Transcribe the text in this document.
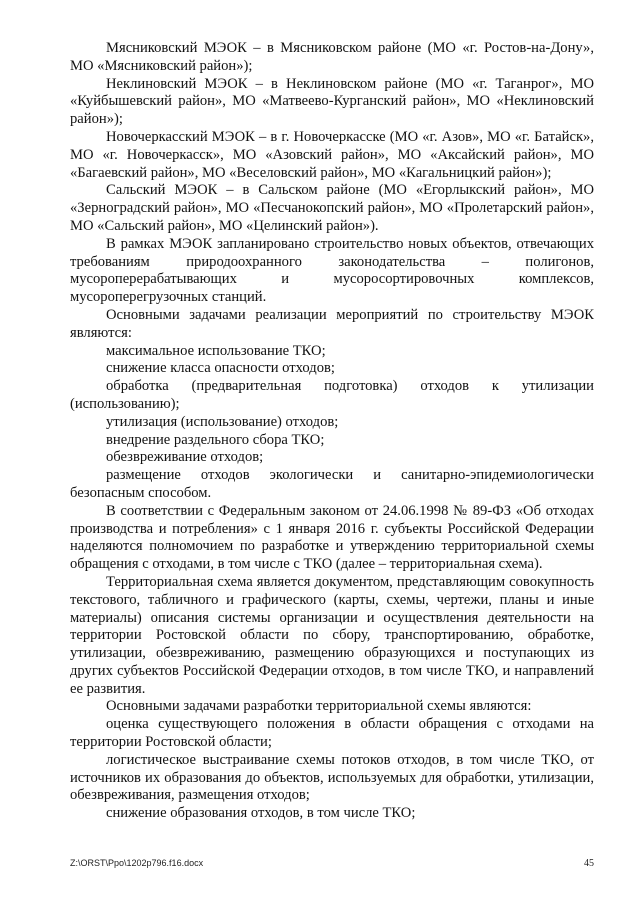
Мясниковский МЭОК – в Мясниковском районе (МО «г. Ростов-на-Дону», МО «Мясниковский район»);

Неклиновский МЭОК – в Неклиновском районе (МО «г. Таганрог», МО «Куйбышевский район», МО «Матвеево-Курганский район», МО «Неклиновский район»);

Новочеркасский МЭОК – в г. Новочеркасске (МО «г. Азов», МО «г. Батайск», МО «г. Новочеркасск», МО «Азовский район», МО «Аксайский район», МО «Багаевский район», МО «Веселовский район», МО «Кагальницкий район»);

Сальский МЭОК – в Сальском районе (МО «Егорлыкский район», МО «Зерноградский район», МО «Песчанокопский район», МО «Пролетарский район», МО «Сальский район», МО «Целинский район»).

В рамках МЭОК запланировано строительство новых объектов, отвечающих требованиям природоохранного законодательства – полигонов, мусороперерабатывающих и мусоросортировочных комплексов, мусороперегрузочных станций.

Основными задачами реализации мероприятий по строительству МЭОК являются:

максимальное использование ТКО;

снижение класса опасности отходов;

обработка (предварительная подготовка) отходов к утилизации (использованию);

утилизация (использование) отходов;

внедрение раздельного сбора ТКО;

обезвреживание отходов;

размещение отходов экологически и санитарно-эпидемиологически безопасным способом.

В соответствии с Федеральным законом от 24.06.1998 № 89-ФЗ «Об отходах производства и потребления» с 1 января 2016 г. субъекты Российской Федерации наделяются полномочием по разработке и утверждению территориальной схемы обращения с отходами, в том числе с ТКО (далее – территориальная схема).

Территориальная схема является документом, представляющим совокупность текстового, табличного и графического (карты, схемы, чертежи, планы и иные материалы) описания системы организации и осуществления деятельности на территории Ростовской области по сбору, транспортированию, обработке, утилизации, обезвреживанию, размещению образующихся и поступающих из других субъектов Российской Федерации отходов, в том числе ТКО, и направлений ее развития.

Основными задачами разработки территориальной схемы являются:

оценка существующего положения в области обращения с отходами на территории Ростовской области;

логистическое выстраивание схемы потоков отходов, в том числе ТКО, от источников их образования до объектов, используемых для обработки, утилизации, обезвреживания, размещения отходов;

снижение образования отходов, в том числе ТКО;

Z:\ORST\Ppo\1202p796.f16.docx	45
